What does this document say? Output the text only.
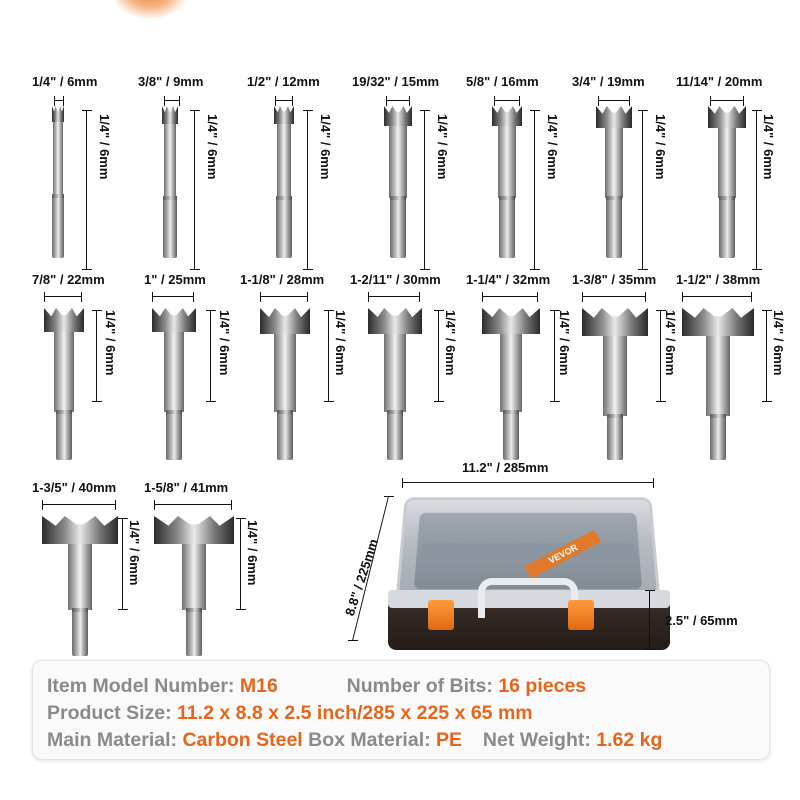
1/4" / 6mm
1/4" / 6mm
3/8" / 9mm
1/4" / 6mm
1/2" / 12mm
1/4" / 6mm
19/32" / 15mm
1/4" / 6mm
5/8" / 16mm
1/4" / 6mm
3/4" / 19mm
1/4" / 6mm
11/14" / 20mm
1/4" / 6mm
7/8" / 22mm
1/4" / 6mm
1" / 25mm
1/4" / 6mm
1-1/8" / 28mm
1/4" / 6mm
1-2/11" / 30mm
1/4" / 6mm
1-1/4" / 32mm
1/4" / 6mm
1-3/8" / 35mm
1/4" / 6mm
1-1/2" / 38mm
1/4" / 6mm
1-3/5" / 40mm
1/4" / 6mm
1-5/8" / 41mm
1/4" / 6mm
11.2" / 285mm
8.8" / 225mm	VEVOR
2.5" / 65mm
Item Model Number: M16	Number of Bits: 16 pieces
Product Size: 11.2 x 8.8 x 2.5 inch/285 x 225 x 65 mm
Main Material: Carbon Steel Box Material: PE Net Weight: 1.62 kg
